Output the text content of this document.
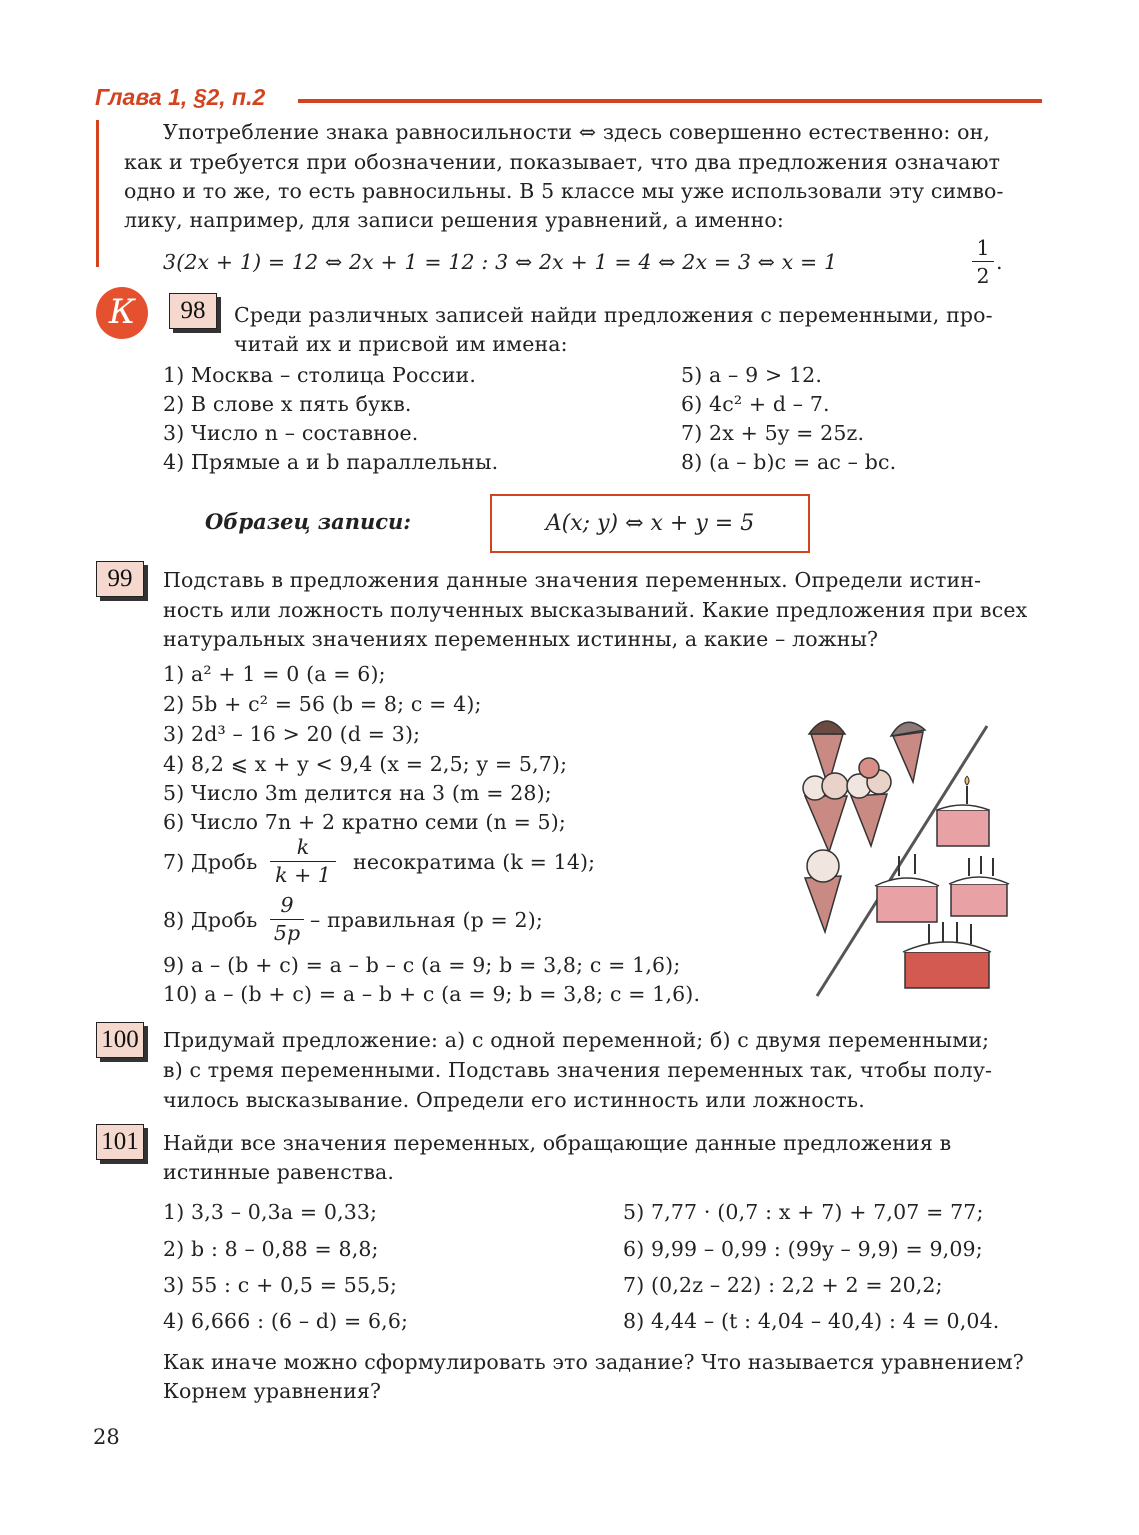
Глава 1, §2, п.2
Употребление знака равносильности ⇔ здесь совершенно естественно: он,
как и требуется при обозначении, показывает, что два предложения означают
одно и то же, то есть равносильны. В 5 классе мы уже использовали эту симво-
лику, например, для записи решения уравнений, а именно:
3(2x + 1) = 12 ⇔ 2x + 1 = 12 : 3 ⇔ 2x + 1 = 4 ⇔ 2x = 3 ⇔ x = 1
1
2
.
К	98	Среди различных записей найди предложения с переменными, про-
читай их и присвой им имена:
1) Москва – столица России.
2) В слове x пять букв.
3) Число n – составное.
4) Прямые a и b параллельны.
5) a – 9 > 12.
6) 4c² + d – 7.
7) 2x + 5y = 25z.
8) (a – b)c = ac – bc.
Образец записи:	A(x; y) ⇔ x + y = 5
99	Подставь в предложения данные значения переменных. Определи истин-
ность или ложность полученных высказываний. Какие предложения при всех
натуральных значениях переменных истинны, а какие – ложны?
1) a² + 1 = 0 (a = 6);
2) 5b + c² = 56 (b = 8; c = 4);
3) 2d³ – 16 > 20 (d = 3);
4) 8,2 ⩽ x + y < 9,4 (x = 2,5; y = 5,7);
5) Число 3m делится на 3 (m = 28);
6) Число 7n + 2 кратно семи (n = 5);
7) Дробь
k
k + 1
несократима (k = 14);
8) Дробь
9
5p
– правильная (p = 2);
9) a – (b + c) = a – b – c (a = 9; b = 3,8; c = 1,6);
10) a – (b + c) = a – b + c (a = 9; b = 3,8; c = 1,6).
100 Придумай предложение: а) с одной переменной; б) с двумя переменными;
в) с тремя переменными. Подставь значения переменных так, чтобы полу-
чилось высказывание. Определи его истинность или ложность.
101 Найди все значения переменных, обращающие данные предложения в
истинные равенства.
1) 3,3 – 0,3a = 0,33;
2) b : 8 – 0,88 = 8,8;
3) 55 : c + 0,5 = 55,5;
4) 6,666 : (6 – d) = 6,6;
5) 7,77 · (0,7 : x + 7) + 7,07 = 77;
6) 9,99 – 0,99 : (99y – 9,9) = 9,09;
7) (0,2z – 22) : 2,2 + 2 = 20,2;
8) 4,44 – (t : 4,04 – 40,4) : 4 = 0,04.
Как иначе можно сформулировать это задание? Что называется уравнением?
Корнем уравнения?
28
